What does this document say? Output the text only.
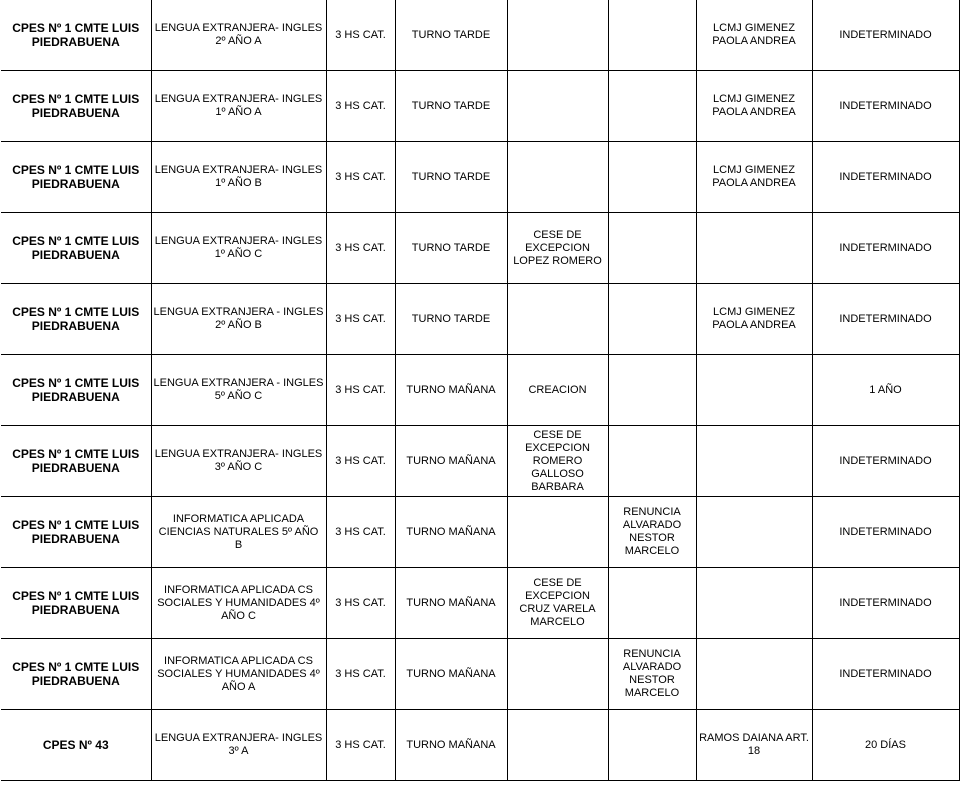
CPES Nº 1 CMTE LUIS PIEDRABUENA	LENGUA EXTRANJERA- INGLES 2º AÑO A	3 HS CAT.	TURNO TARDE			LCMJ GIMENEZ PAOLA ANDREA	INDETERMINADO
CPES Nº 1 CMTE LUIS PIEDRABUENA	LENGUA EXTRANJERA- INGLES 1º AÑO A	3 HS CAT.	TURNO TARDE			LCMJ GIMENEZ PAOLA ANDREA	INDETERMINADO
CPES Nº 1 CMTE LUIS PIEDRABUENA	LENGUA EXTRANJERA- INGLES 1º AÑO B	3 HS CAT.	TURNO TARDE			LCMJ GIMENEZ PAOLA ANDREA	INDETERMINADO
CPES Nº 1 CMTE LUIS PIEDRABUENA	LENGUA EXTRANJERA- INGLES 1º AÑO C	3 HS CAT.	TURNO TARDE	CESE DE EXCEPCION LOPEZ ROMERO			INDETERMINADO
CPES Nº 1 CMTE LUIS PIEDRABUENA	LENGUA EXTRANJERA - INGLES 2º AÑO B	3 HS CAT.	TURNO TARDE			LCMJ GIMENEZ PAOLA ANDREA	INDETERMINADO
CPES Nº 1 CMTE LUIS PIEDRABUENA	LENGUA EXTRANJERA - INGLES 5º AÑO C	3 HS CAT.	TURNO MAÑANA	CREACION			1 AÑO
CPES Nº 1 CMTE LUIS PIEDRABUENA	LENGUA EXTRANJERA- INGLES 3º AÑO C	3 HS CAT.	TURNO MAÑANA	CESE DE EXCEPCION ROMERO GALLOSO BARBARA			INDETERMINADO
CPES Nº 1 CMTE LUIS PIEDRABUENA	INFORMATICA APLICADA CIENCIAS NATURALES 5º AÑO B	3 HS CAT.	TURNO MAÑANA		RENUNCIA ALVARADO NESTOR MARCELO		INDETERMINADO
CPES Nº 1 CMTE LUIS PIEDRABUENA	INFORMATICA APLICADA CS SOCIALES Y HUMANIDADES 4º AÑO C	3 HS CAT.	TURNO MAÑANA	CESE DE EXCEPCION CRUZ VARELA MARCELO			INDETERMINADO
CPES Nº 1 CMTE LUIS PIEDRABUENA	INFORMATICA APLICADA CS SOCIALES Y HUMANIDADES 4º AÑO A	3 HS CAT.	TURNO MAÑANA		RENUNCIA ALVARADO NESTOR MARCELO		INDETERMINADO
CPES Nº 43	LENGUA EXTRANJERA- INGLES 3º A	3 HS CAT.	TURNO MAÑANA			RAMOS DAIANA ART. 18	20 DÍAS
